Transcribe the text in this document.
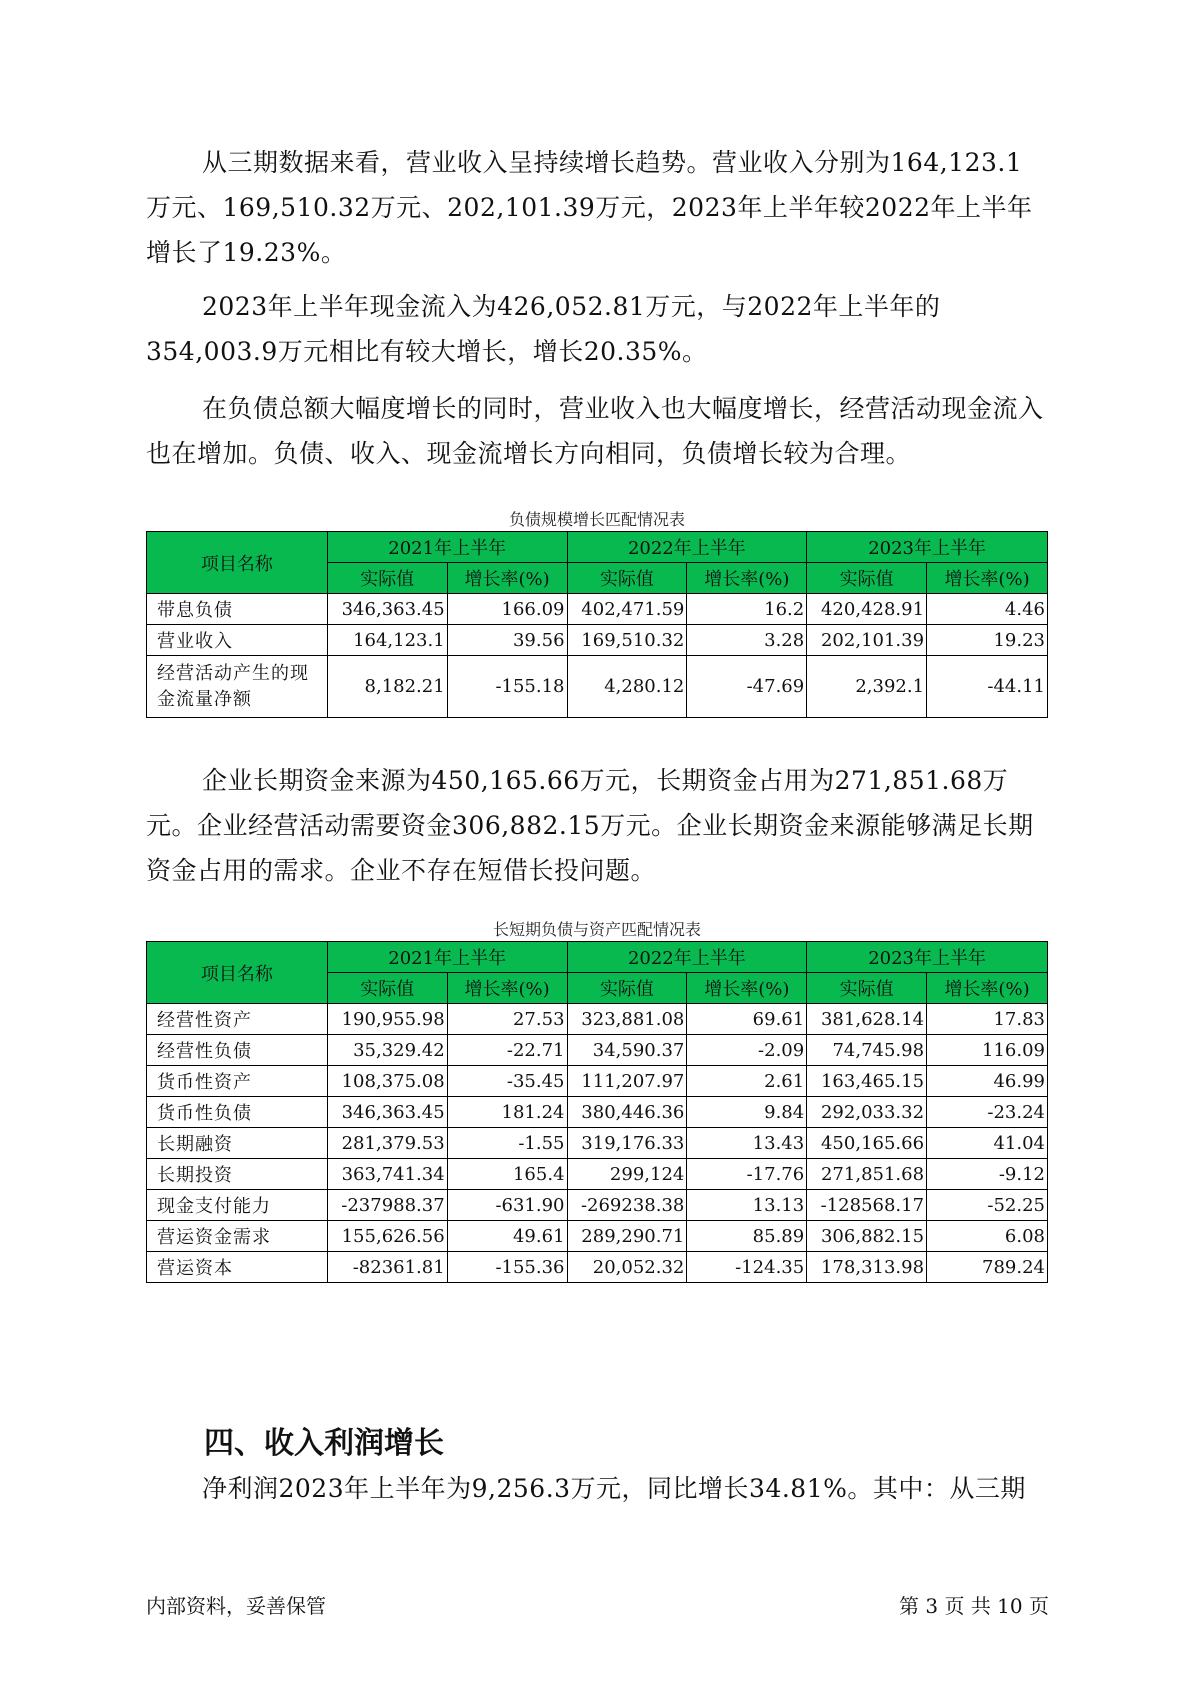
从三期数据来看，营业收入呈持续增长趋势。营业收入分别为164,123.1万元、169,510.32万元、202,101.39万元，2023年上半年较2022年上半年增长了19.23%。

2023年上半年现金流入为426,052.81万元，与2022年上半年的354,003.9万元相比有较大增长，增长20.35%。

在负债总额大幅度增长的同时，营业收入也大幅度增长，经营活动现金流入也在增加。负债、收入、现金流增长方向相同，负债增长较为合理。

负债规模增长匹配情况表
项目名称	2021年上半年		2022年上半年		2023年上半年	
	实际值	增长率(%)	实际值	增长率(%)	实际值	增长率(%)
带息负债	346,363.45	166.09	402,471.59	16.2	420,428.91	4.46
营业收入	164,123.1	39.56	169,510.32	3.28	202,101.39	19.23
经营活动产生的现金流量净额	8,182.21	-155.18	4,280.12	-47.69	2,392.1	-44.11

企业长期资金来源为450,165.66万元，长期资金占用为271,851.68万元。企业经营活动需要资金306,882.15万元。企业长期资金来源能够满足长期资金占用的需求。企业不存在短借长投问题。

长短期负债与资产匹配情况表
项目名称	2021年上半年		2022年上半年		2023年上半年	
	实际值	增长率(%)	实际值	增长率(%)	实际值	增长率(%)
经营性资产	190,955.98	27.53	323,881.08	69.61	381,628.14	17.83
经营性负债	35,329.42	-22.71	34,590.37	-2.09	74,745.98	116.09
货币性资产	108,375.08	-35.45	111,207.97	2.61	163,465.15	46.99
货币性负债	346,363.45	181.24	380,446.36	9.84	292,033.32	-23.24
长期融资	281,379.53	-1.55	319,176.33	13.43	450,165.66	41.04
长期投资	363,741.34	165.4	299,124	-17.76	271,851.68	-9.12
现金支付能力	-237988.37	-631.90	-269238.38	13.13	-128568.17	-52.25
营运资金需求	155,626.56	49.61	289,290.71	85.89	306,882.15	6.08
营运资本	-82361.81	-155.36	20,052.32	-124.35	178,313.98	789.24
四、收入利润增长

净利润2023年上半年为9,256.3万元，同比增长34.81%。其中：从三期

内部资料，妥善保管	第 3 页 共 10 页
